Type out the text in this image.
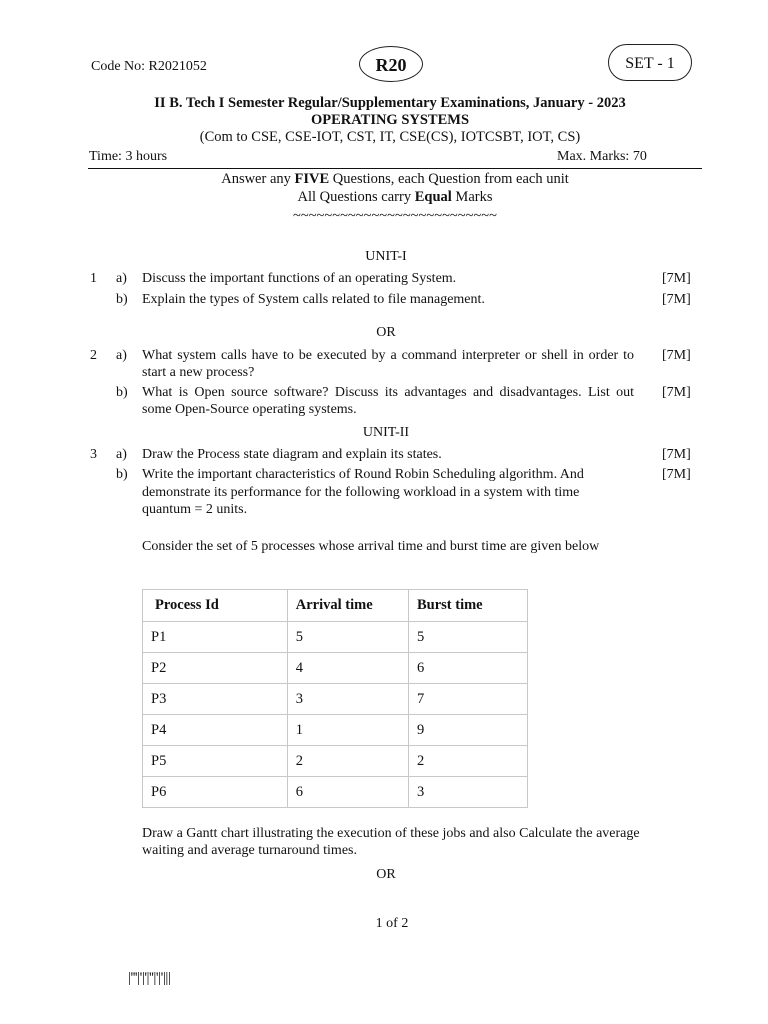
Code No: R2021052	R20	SET - 1
II B. Tech I Semester Regular/Supplementary Examinations, January - 2023
OPERATING SYSTEMS
(Com to CSE, CSE-IOT, CST, IT, CSE(CS), IOTCSBT, IOT, CS)
Time: 3 hours	Max. Marks: 70
Answer any FIVE Questions, each Question from each unit
All Questions carry Equal Marks
~~~~~~~~~~~~~~~~~~~~~~~~~~
UNIT-I
1 a) Discuss the important functions of an operating System.	[7M]
b) Explain the types of System calls related to file management.	[7M]
OR
2 a) What system calls have to be executed by a command interpreter or shell in order to start a new process?
[7M]
b) What is Open source software? Discuss its advantages and disadvantages. List out some Open-Source operating systems.
[7M]
UNIT-II
3 a) Draw the Process state diagram and explain its states.	[7M]
b) Write the important characteristics of Round Robin Scheduling algorithm. And
demonstrate its performance for the following workload in a system with time
quantum = 2 units.
[7M]
Consider the set of 5 processes whose arrival time and burst time are given below
Process Id	Arrival time	Burst time
P1	5	5
P2	4	6
P3	3	7
P4	1	9
P5	2	2
P6	6	3
Draw a Gantt chart illustrating the execution of these jobs and also Calculate the average waiting and average turnaround times.
OR
1 of 2
|'''|'|'|''|'|'|||
